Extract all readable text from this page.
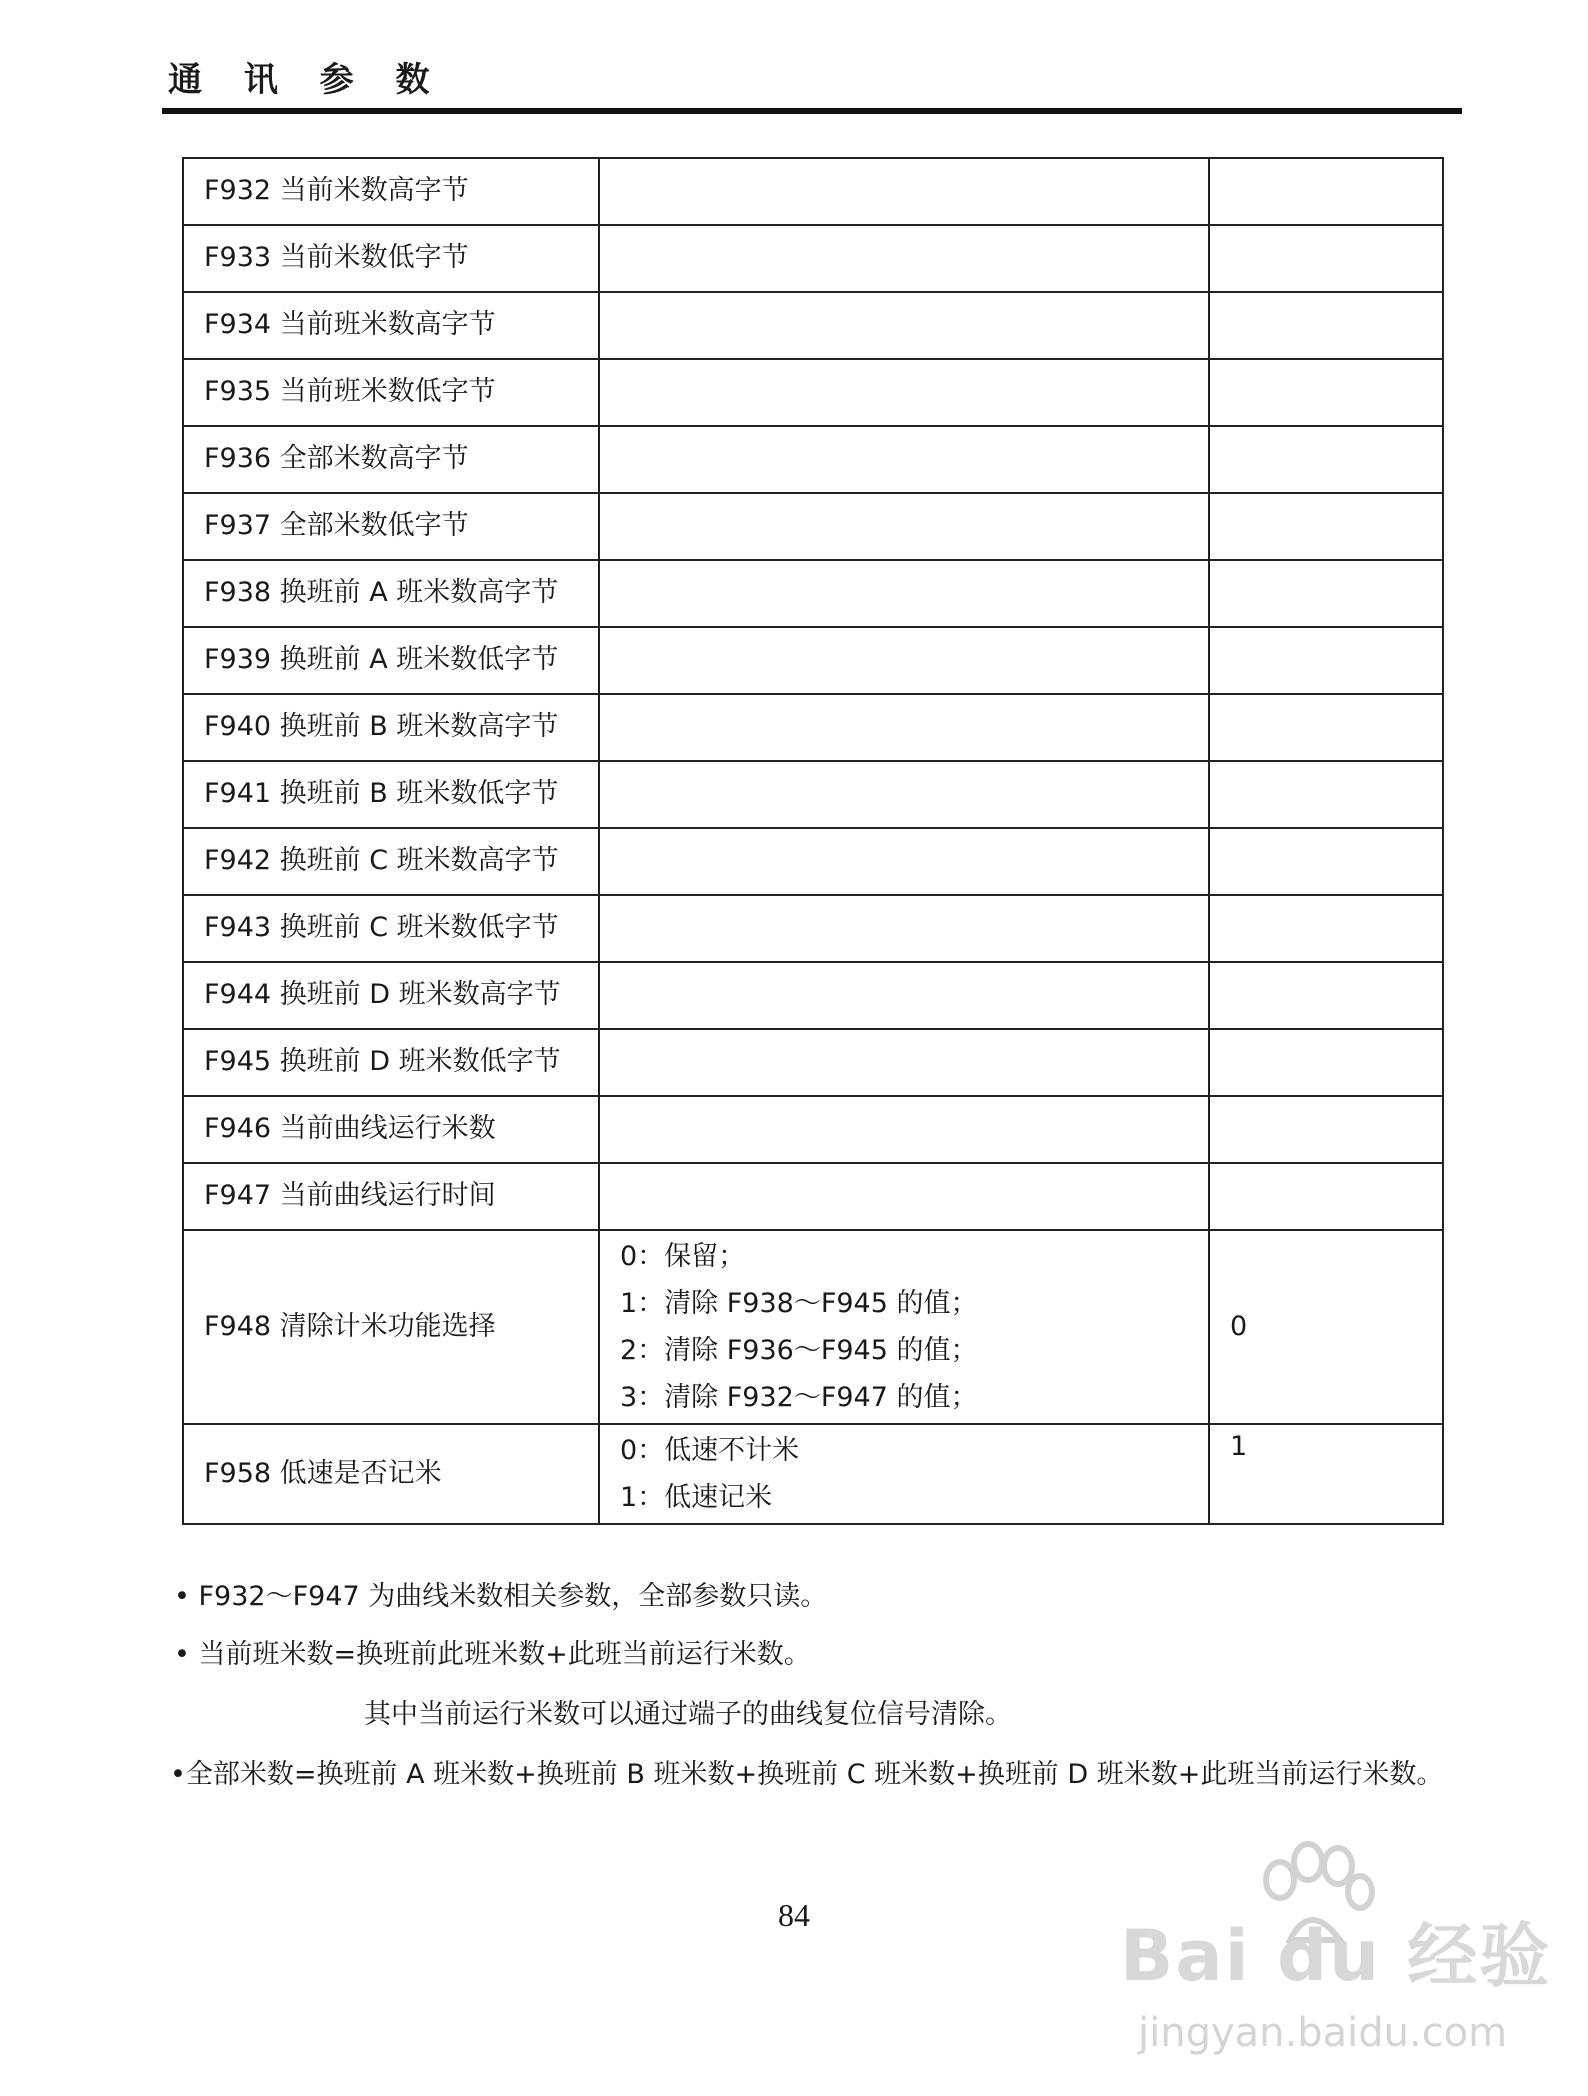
通 讯 参 数
F932 当前米数高字节		
F933 当前米数低字节		
F934 当前班米数高字节		
F935 当前班米数低字节		
F936 全部米数高字节		
F937 全部米数低字节		
F938 换班前 A 班米数高字节		
F939 换班前 A 班米数低字节		
F940 换班前 B 班米数高字节		
F941 换班前 B 班米数低字节		
F942 换班前 C 班米数高字节		
F943 换班前 C 班米数低字节		
F944 换班前 D 班米数高字节		
F945 换班前 D 班米数低字节		
F946 当前曲线运行米数		
F947 当前曲线运行时间		
F948 清除计米功能选择	0：保留；
1：清除 F938～F945 的值；
2：清除 F936～F945 的值；
3：清除 F932～F947 的值；	0
F958 低速是否记米	0：低速不计米
1：低速记米	1
• F932～F947 为曲线米数相关参数，全部参数只读。
• 当前班米数=换班前此班米数+此班当前运行米数。
其中当前运行米数可以通过端子的曲线复位信号清除。
•全部米数=换班前 A 班米数+换班前 B 班米数+换班前 C 班米数+换班前 D 班米数+此班当前运行米数。
84	Bai du 经验
jingyan.baidu.com
